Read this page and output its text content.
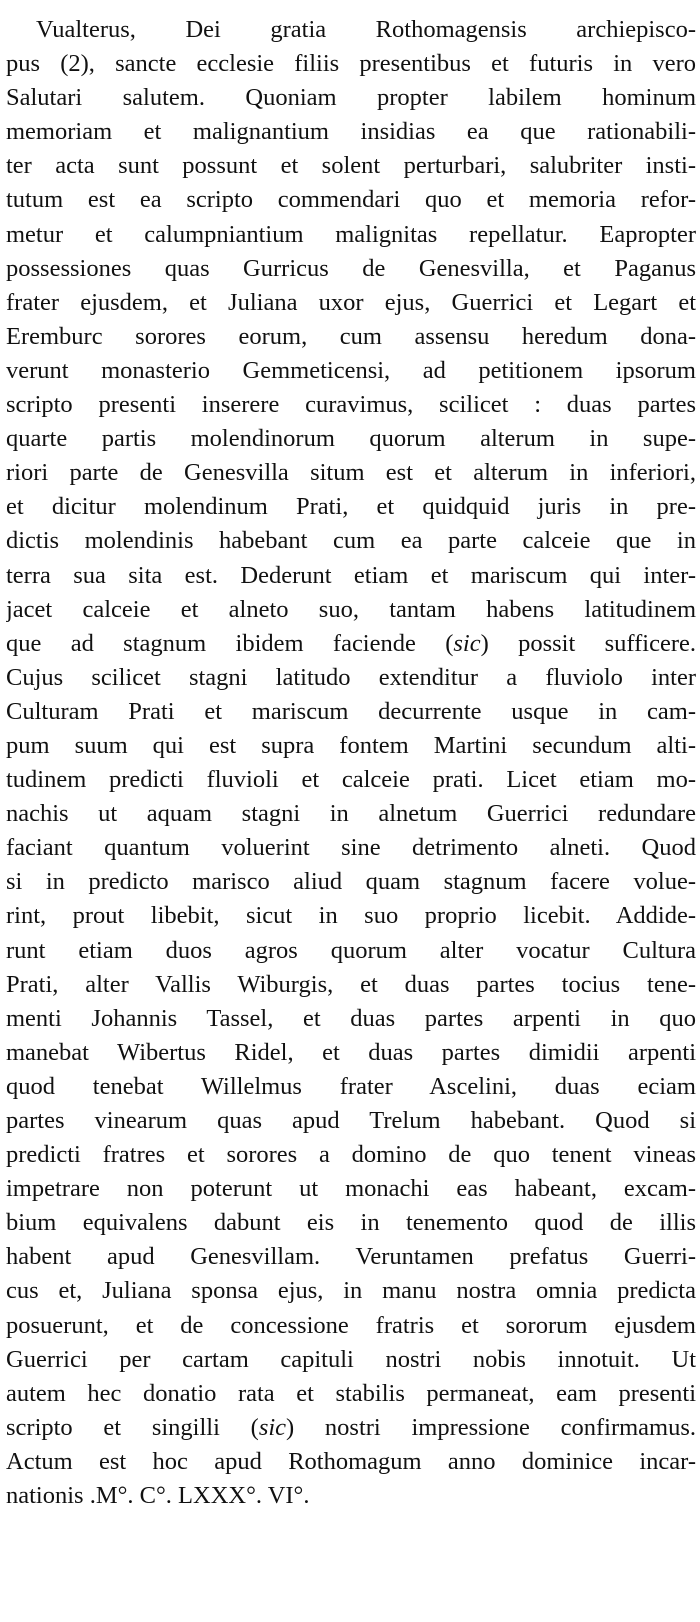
Vualterus, Dei gratia Rothomagensis archiepisco-
pus (2), sancte ecclesie filiis presentibus et futuris in vero
Salutari salutem. Quoniam propter labilem hominum
memoriam et malignantium insidias ea que rationabili-
ter acta sunt possunt et solent perturbari, salubriter insti-
tutum est ea scripto commendari quo et memoria refor-
metur et calumpniantium malignitas repellatur. Eapropter
possessiones quas Gurricus de Genesvilla, et Paganus
frater ejusdem, et Juliana uxor ejus, Guerrici et Legart et
Eremburc sorores eorum, cum assensu heredum dona-
verunt monasterio Gemmeticensi, ad petitionem ipsorum
scripto presenti inserere curavimus, scilicet : duas partes
quarte partis molendinorum quorum alterum in supe-
riori parte de Genesvilla situm est et alterum in inferiori,
et dicitur molendinum Prati, et quidquid juris in pre-
dictis molendinis habebant cum ea parte calceie que in
terra sua sita est. Dederunt etiam et mariscum qui inter-
jacet calceie et alneto suo, tantam habens latitudinem
que ad stagnum ibidem faciende (sic) possit sufficere.
Cujus scilicet stagni latitudo extenditur a fluviolo inter
Culturam Prati et mariscum decurrente usque in cam-
pum suum qui est supra fontem Martini secundum alti-
tudinem predicti fluvioli et calceie prati. Licet etiam mo-
nachis ut aquam stagni in alnetum Guerrici redundare
faciant quantum voluerint sine detrimento alneti. Quod
si in predicto marisco aliud quam stagnum facere volue-
rint, prout libebit, sicut in suo proprio licebit. Addide-
runt etiam duos agros quorum alter vocatur Cultura
Prati, alter Vallis Wiburgis, et duas partes tocius tene-
menti Johannis Tassel, et duas partes arpenti in quo
manebat Wibertus Ridel, et duas partes dimidii arpenti
quod tenebat Willelmus frater Ascelini, duas eciam
partes vinearum quas apud Trelum habebant. Quod si
predicti fratres et sorores a domino de quo tenent vineas
impetrare non poterunt ut monachi eas habeant, excam-
bium equivalens dabunt eis in tenemento quod de illis
habent apud Genesvillam. Veruntamen prefatus Guerri-
cus et, Juliana sponsa ejus, in manu nostra omnia predicta
posuerunt, et de concessione fratris et sororum ejusdem
Guerrici per cartam capituli nostri nobis innotuit. Ut
autem hec donatio rata et stabilis permaneat, eam presenti
scripto et singilli (sic) nostri impressione confirmamus.
Actum est hoc apud Rothomagum anno dominice incar-
nationis .M°. C°. LXXX°. VI°.
